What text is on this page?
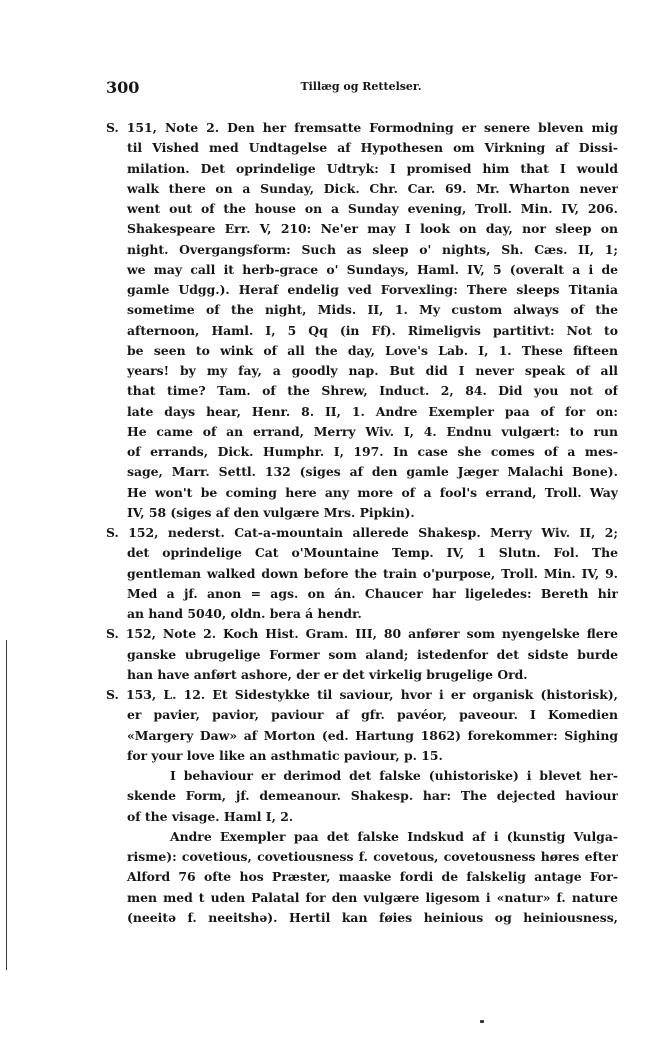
300	Tillæg og Rettelser.
S. 151, Note 2. Den her fremsatte Formodning er senere bleven mig
til Vished med Undtagelse af Hypothesen om Virkning af Dissi-
milation. Det oprindelige Udtryk: I promised him that I would
walk there on a Sunday, Dick. Chr. Car. 69. Mr. Wharton never
went out of the house on a Sunday evening, Troll. Min. IV, 206.
Shakespeare Err. V, 210: Ne'er may I look on day, nor sleep on
night. Overgangsform: Such as sleep o' nights, Sh. Cæs. II, 1;
we may call it herb-grace o' Sundays, Haml. IV, 5 (overalt a i de
gamle Udgg.). Heraf endelig ved Forvexling: There sleeps Titania
sometime of the night, Mids. II, 1. My custom always of the
afternoon, Haml. I, 5 Qq (in Ff). Rimeligvis partitivt: Not to
be seen to wink of all the day, Love's Lab. I, 1. These fifteen
years! by my fay, a goodly nap. But did I never speak of all
that time? Tam. of the Shrew, Induct. 2, 84. Did you not of
late days hear, Henr. 8. II, 1. Andre Exempler paa of for on:
He came of an errand, Merry Wiv. I, 4. Endnu vulgært: to run
of errands, Dick. Humphr. I, 197. In case she comes of a mes-
sage, Marr. Settl. 132 (siges af den gamle Jæger Malachi Bone).
He won't be coming here any more of a fool's errand, Troll. Way
IV, 58 (siges af den vulgære Mrs. Pipkin).
S. 152, nederst. Cat-a-mountain allerede Shakesp. Merry Wiv. II, 2;
det oprindelige Cat o'Mountaine Temp. IV, 1 Slutn. Fol. The
gentleman walked down before the train o'purpose, Troll. Min. IV, 9.
Med a jf. anon = ags. on án. Chaucer har ligeledes: Bereth hir
an hand 5040, oldn. bera á hendr.
S. 152, Note 2. Koch Hist. Gram. III, 80 anfører som nyengelske flere
ganske ubrugelige Former som aland; istedenfor det sidste burde
han have anført ashore, der er det virkelig brugelige Ord.
S. 153, L. 12. Et Sidestykke til saviour, hvor i er organisk (historisk),
er pavier, pavior, paviour af gfr. pavéor, paveour. I Komedien
«Margery Daw» af Morton (ed. Hartung 1862) forekommer: Sighing
for your love like an asthmatic paviour, p. 15.
I behaviour er derimod det falske (uhistoriske) i blevet her-
skende Form, jf. demeanour. Shakesp. har: The dejected haviour
of the visage. Haml I, 2.
Andre Exempler paa det falske Indskud af i (kunstig Vulga-
risme): covetious, covetiousness f. covetous, covetousness høres efter
Alford 76 ofte hos Præster, maaske fordi de falskelig antage For-
men med t uden Palatal for den vulgære ligesom i «natur» f. nature
(neeitə f. neeitshə). Hertil kan føies heinious og heiniousness,
